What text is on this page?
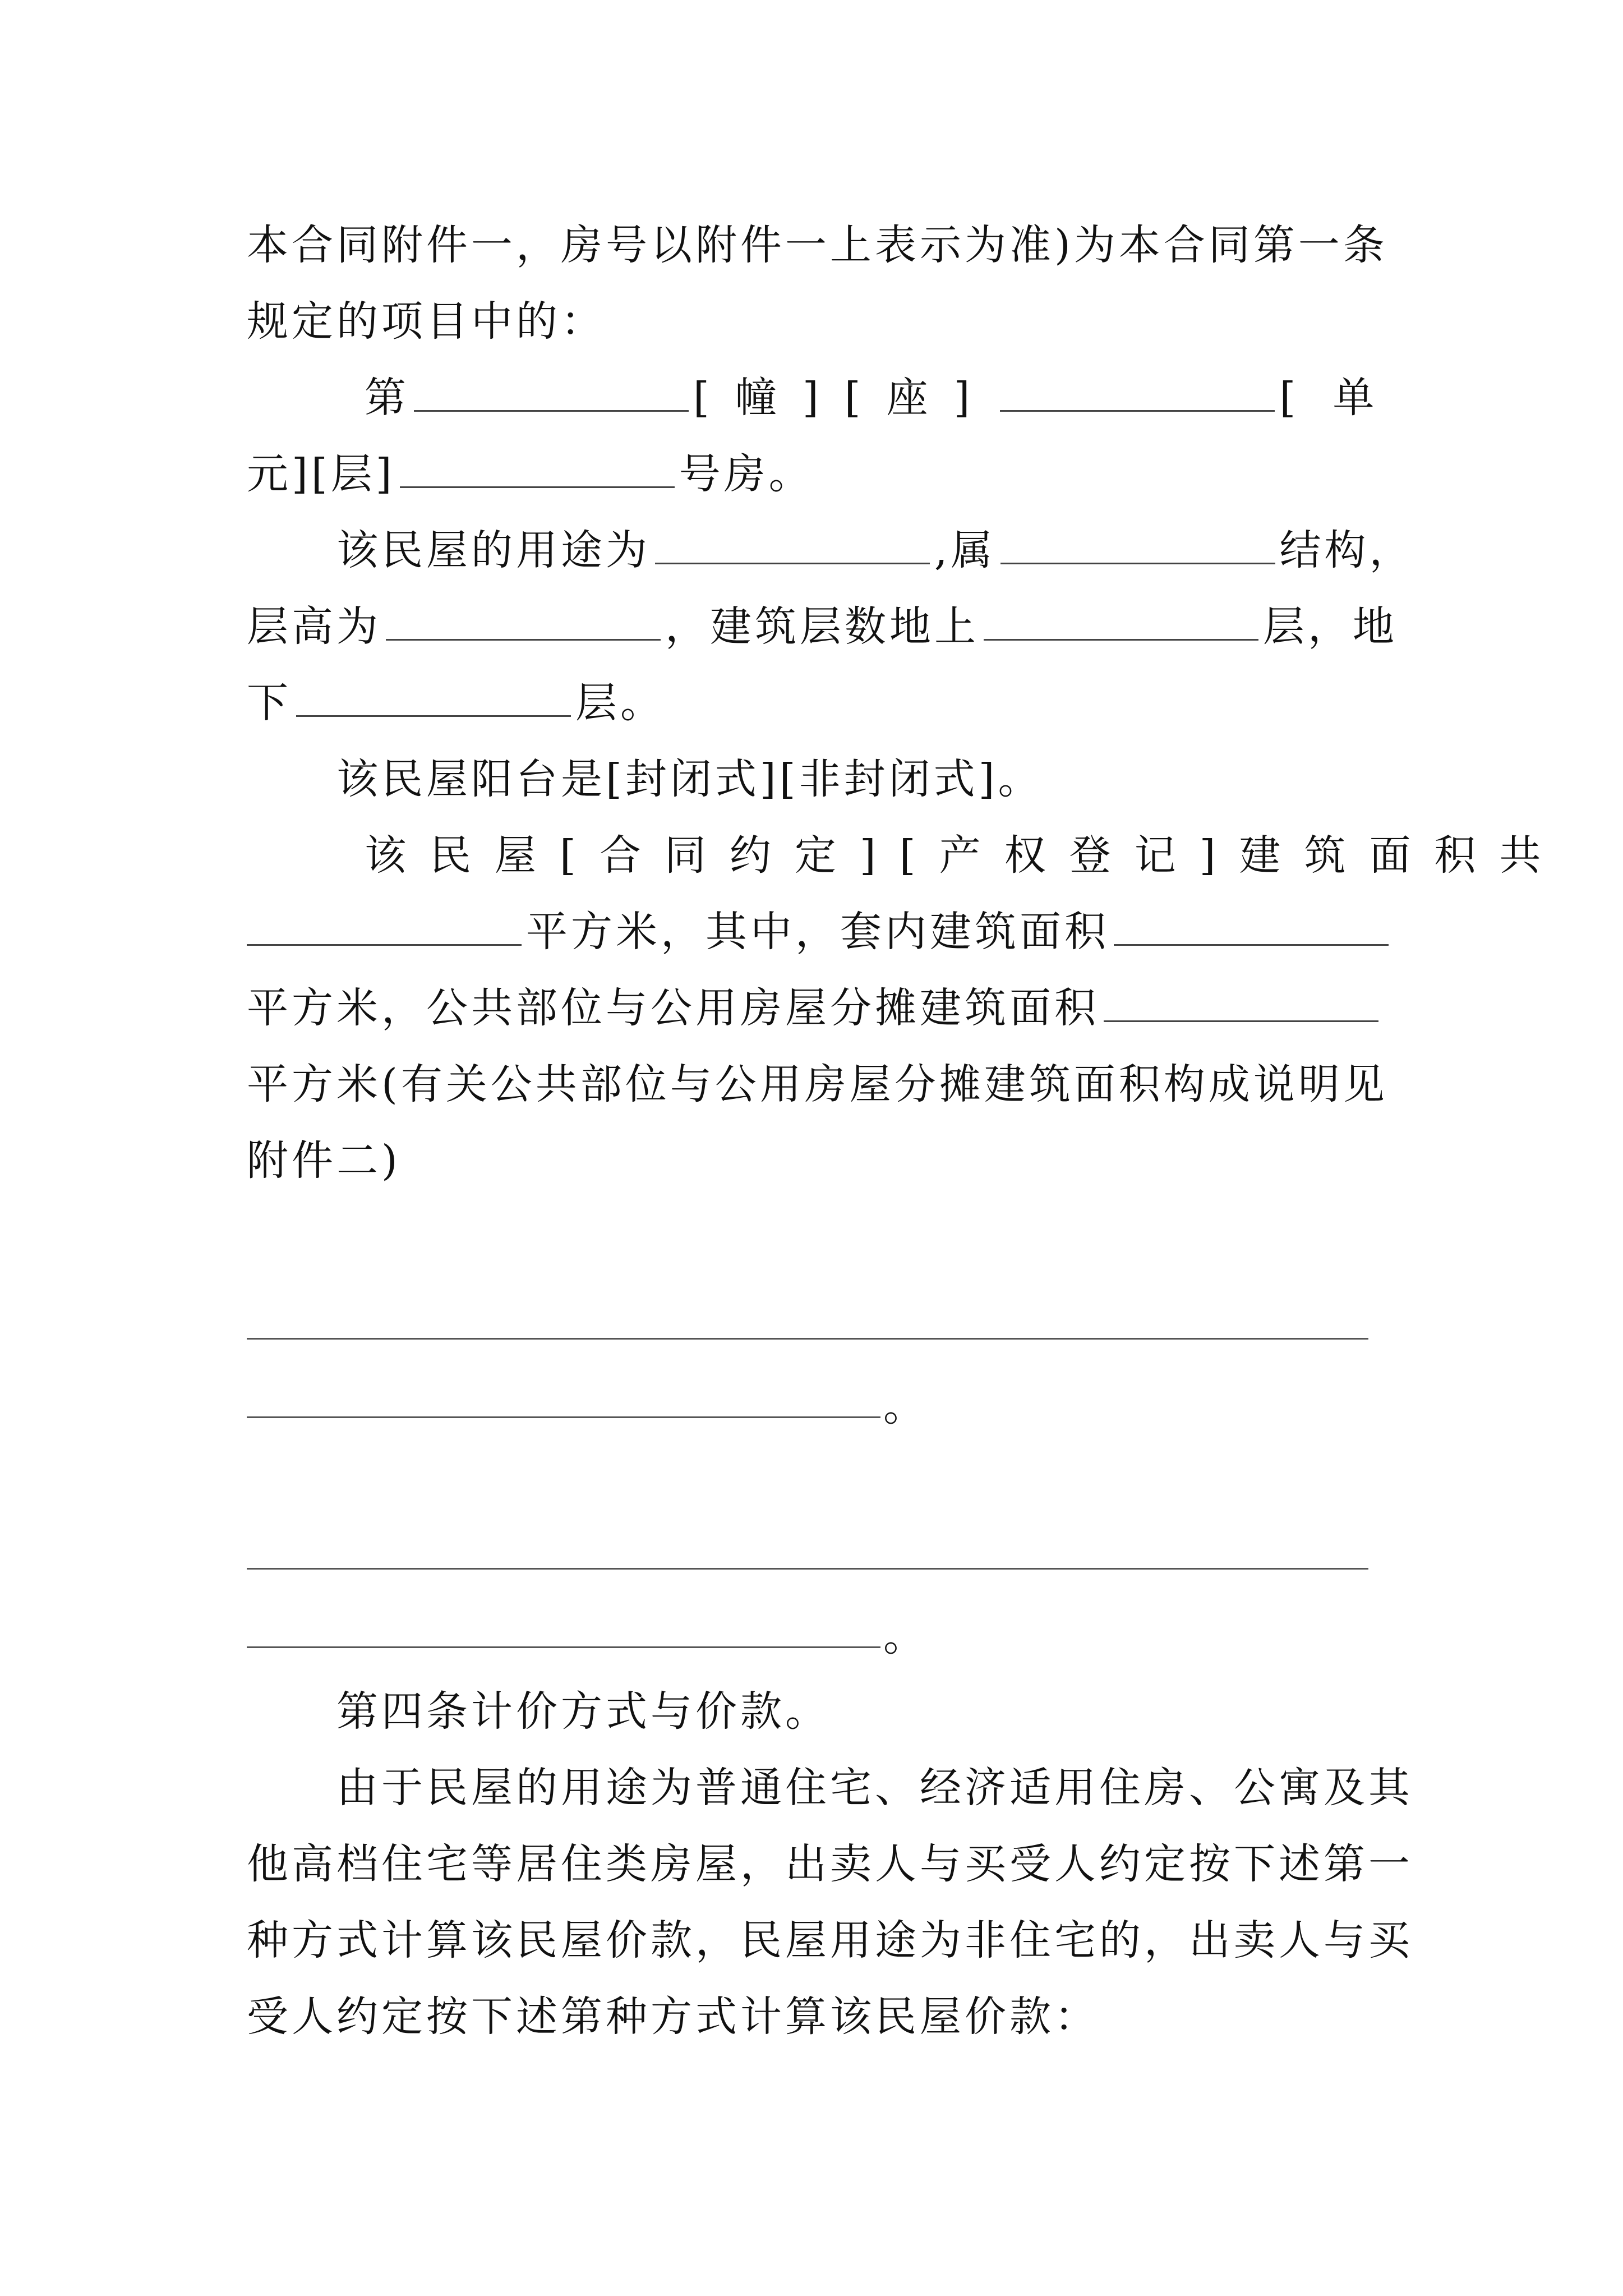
本合同附件一，房号以附件一上表示为准)为本合同第一条
规定的项目中的：
第	[幢][座]	[单
元][层]	号房。
该民屋的用途为	,属	结构，
层高为	，建筑层数地上	层，地
下	层。
该民屋阳台是[封闭式][非封闭式]。
该民屋[合同约定][产权登记]建筑面积共
平方米，其中，套内建筑面积
平方米，公共部位与公用房屋分摊建筑面积
平方米(有关公共部位与公用房屋分摊建筑面积构成说明见
附件二)
。
。
第四条计价方式与价款。
由于民屋的用途为普通住宅、经济适用住房、公寓及其
他高档住宅等居住类房屋，出卖人与买受人约定按下述第一
种方式计算该民屋价款，民屋用途为非住宅的，出卖人与买
受人约定按下述第种方式计算该民屋价款：
